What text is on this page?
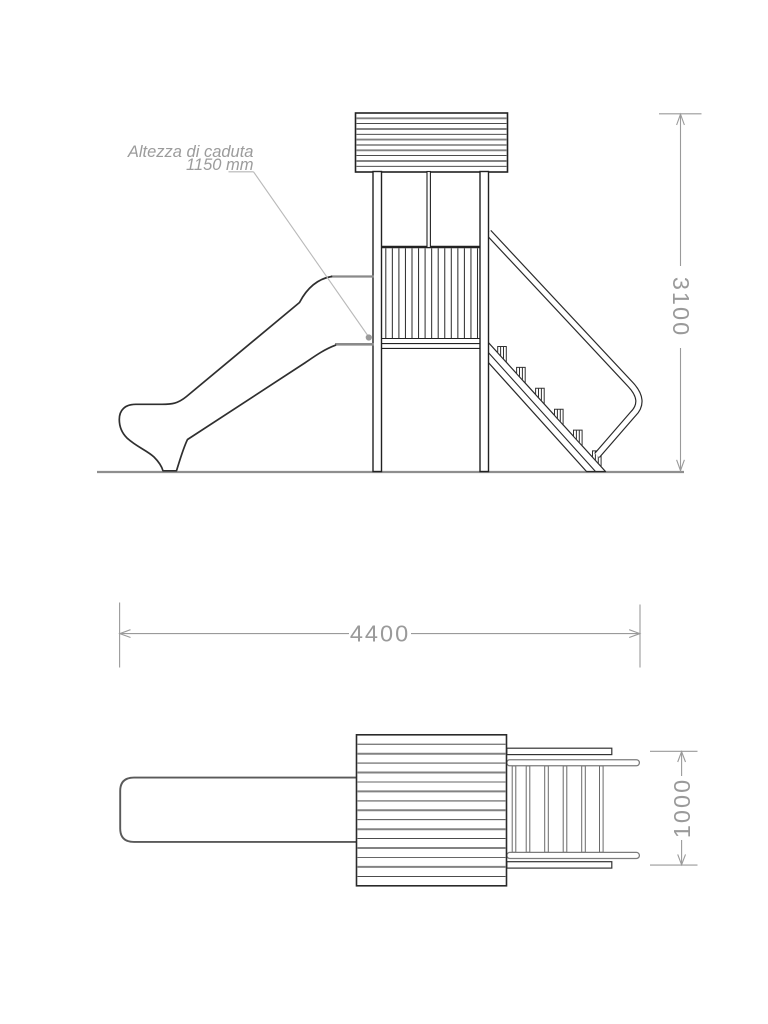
Altezza di caduta
1150 mm
3100
4400
1000
